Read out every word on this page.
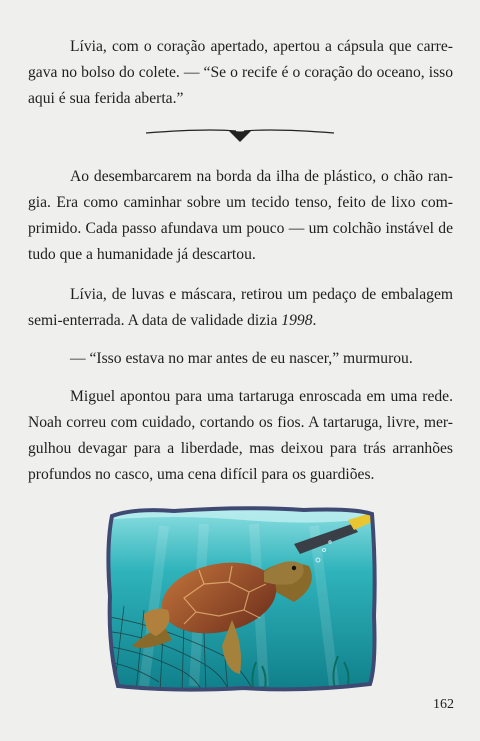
Lívia, com o coração apertado, apertou a cápsula que carre-
gava no bolso do colete. — “Se o recife é o coração do oceano, isso
aqui é sua ferida aberta.”

Ao desembarcarem na borda da ilha de plástico, o chão ran-
gia. Era como caminhar sobre um tecido tenso, feito de lixo com-
primido. Cada passo afundava um pouco — um colchão instável de
tudo que a humanidade já descartou.

Lívia, de luvas e máscara, retirou um pedaço de embalagem
semi-enterrada. A data de validade dizia 1998.

— “Isso estava no mar antes de eu nascer,” murmurou.

Miguel apontou para uma tartaruga enroscada em uma rede.
Noah correu com cuidado, cortando os fios. A tartaruga, livre, mer-
gulhou devagar para a liberdade, mas deixou para trás arranhões
profundos no casco, uma cena difícil para os guardiões.

162
